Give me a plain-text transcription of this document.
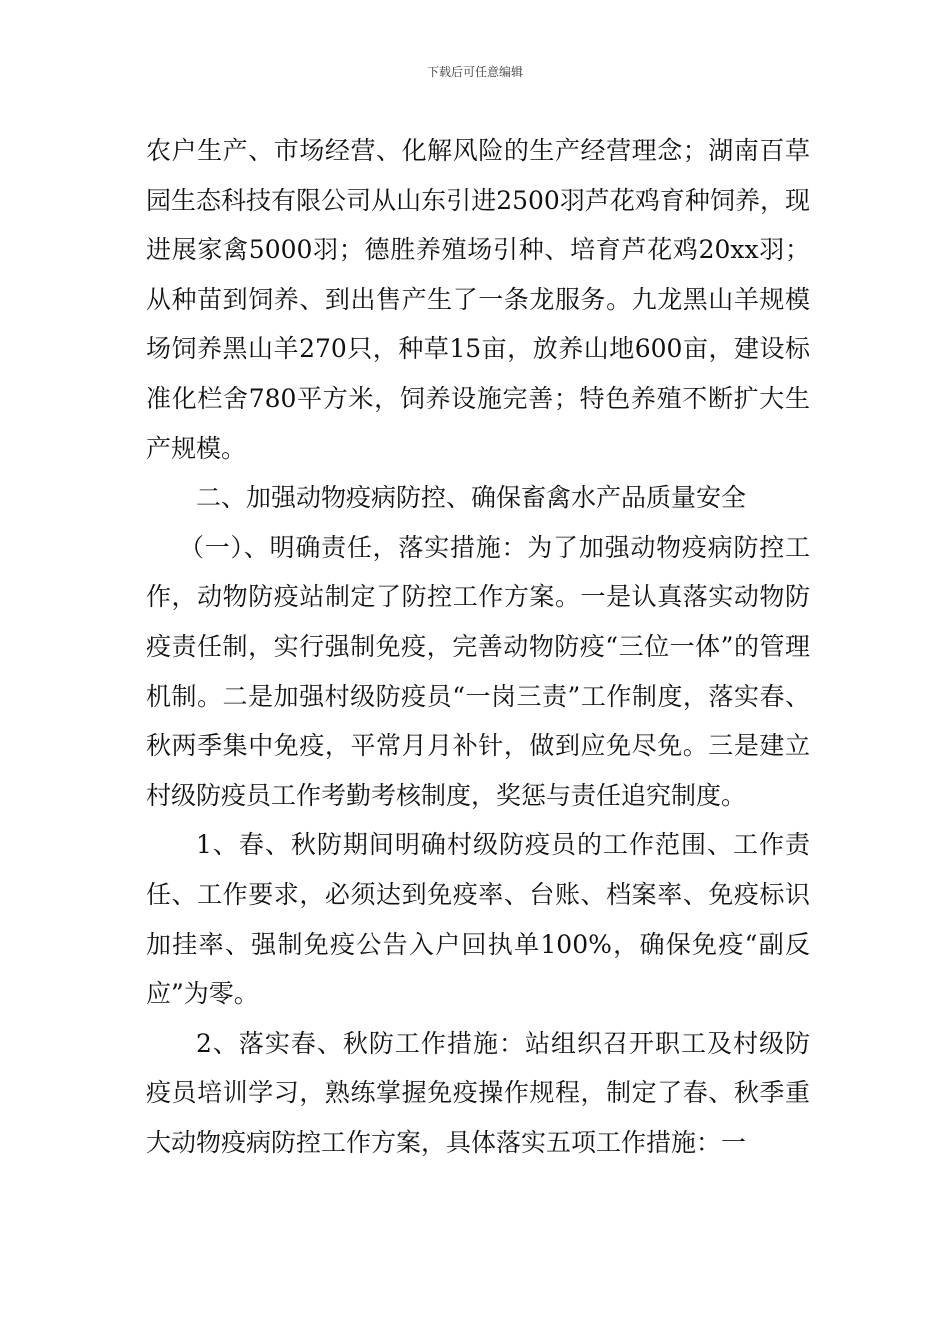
下载后可任意编辑

农户生产、市场经营、化解风险的生产经营理念；湖南百草园生态科技有限公司从山东引进2500羽芦花鸡育种饲养，现进展家禽5000羽；德胜养殖场引种、培育芦花鸡20xx羽；从种苗到饲养、到出售产生了一条龙服务。九龙黑山羊规模场饲养黑山羊270只，种草15亩，放养山地600亩，建设标准化栏舍780平方米，饲养设施完善；特色养殖不断扩大生产规模。

二、加强动物疫病防控、确保畜禽水产品质量安全

（一）、明确责任，落实措施：为了加强动物疫病防控工作，动物防疫站制定了防控工作方案。一是认真落实动物防疫责任制，实行强制免疫，完善动物防疫“三位一体”的管理机制。二是加强村级防疫员“一岗三责”工作制度，落实春、秋两季集中免疫，平常月月补针，做到应免尽免。三是建立村级防疫员工作考勤考核制度，奖惩与责任追究制度。

1、春、秋防期间明确村级防疫员的工作范围、工作责任、工作要求，必须达到免疫率、台账、档案率、免疫标识加挂率、强制免疫公告入户回执单100%，确保免疫“副反应”为零。

2、落实春、秋防工作措施：站组织召开职工及村级防疫员培训学习，熟练掌握免疫操作规程，制定了春、秋季重大动物疫病防控工作方案，具体落实五项工作措施：一
